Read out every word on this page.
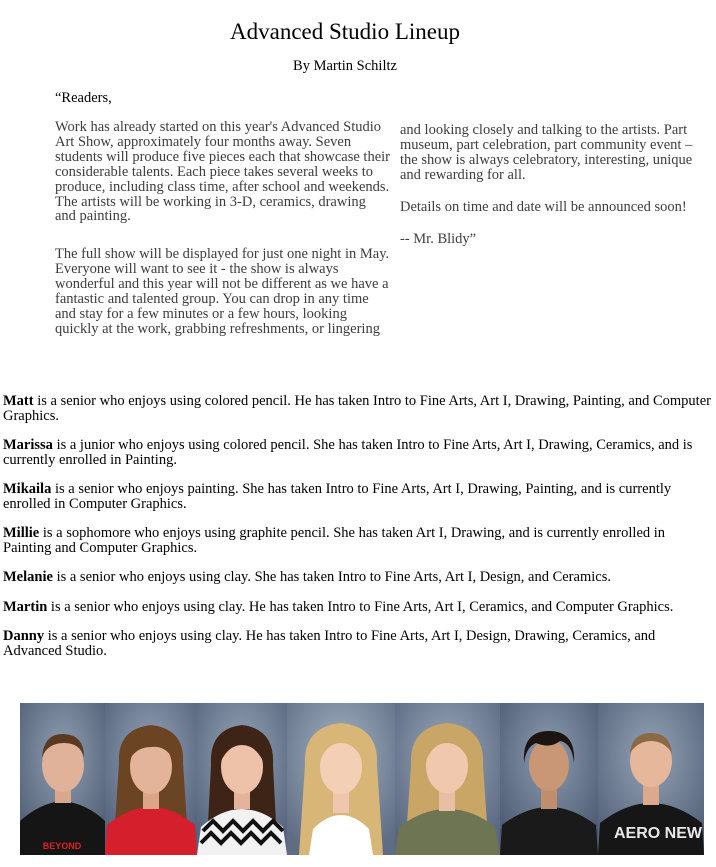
Advanced Studio Lineup
By Martin Schiltz
“Readers,

Work has already started on this year's Advanced Studio Art Show, approximately four months away. Seven students will produce five pieces each that showcase their considerable talents. Each piece takes several weeks to produce, including class time, after school and weekends. The artists will be working in 3-D, ceramics, drawing and painting.

The full show will be displayed for just one night in May. Everyone will want to see it - the show is always wonderful and this year will not be different as we have a fantastic and talented group. You can drop in any time and stay for a few minutes or a few hours, looking quickly at the work, grabbing refreshments, or lingering

and looking closely and talking to the artists. Part museum, part celebration, part community event – the show is always celebratory, interesting, unique and rewarding for all.

Details on time and date will be announced soon!

-- Mr. Blidy”

Matt is a senior who enjoys using colored pencil. He has taken Intro to Fine Arts, Art I, Drawing, Painting, and Computer Graphics.

Marissa is a junior who enjoys using colored pencil. She has taken Intro to Fine Arts, Art I, Drawing, Ceramics, and is currently enrolled in Painting.

Mikaila is a senior who enjoys painting. She has taken Intro to Fine Arts, Art I, Drawing, Painting, and is currently enrolled in Computer Graphics.

Millie is a sophomore who enjoys using graphite pencil. She has taken Art I, Drawing, and is currently enrolled in Painting and Computer Graphics.

Melanie is a senior who enjoys using clay. She has taken Intro to Fine Arts, Art I, Design, and Ceramics.

Martin is a senior who enjoys using clay. He has taken Intro to Fine Arts, Art I, Ceramics, and Computer Graphics.

Danny is a senior who enjoys using clay. He has taken Intro to Fine Arts, Art I, Design, Drawing, Ceramics, and Advanced Studio.

BEYOND
AERO NEW
